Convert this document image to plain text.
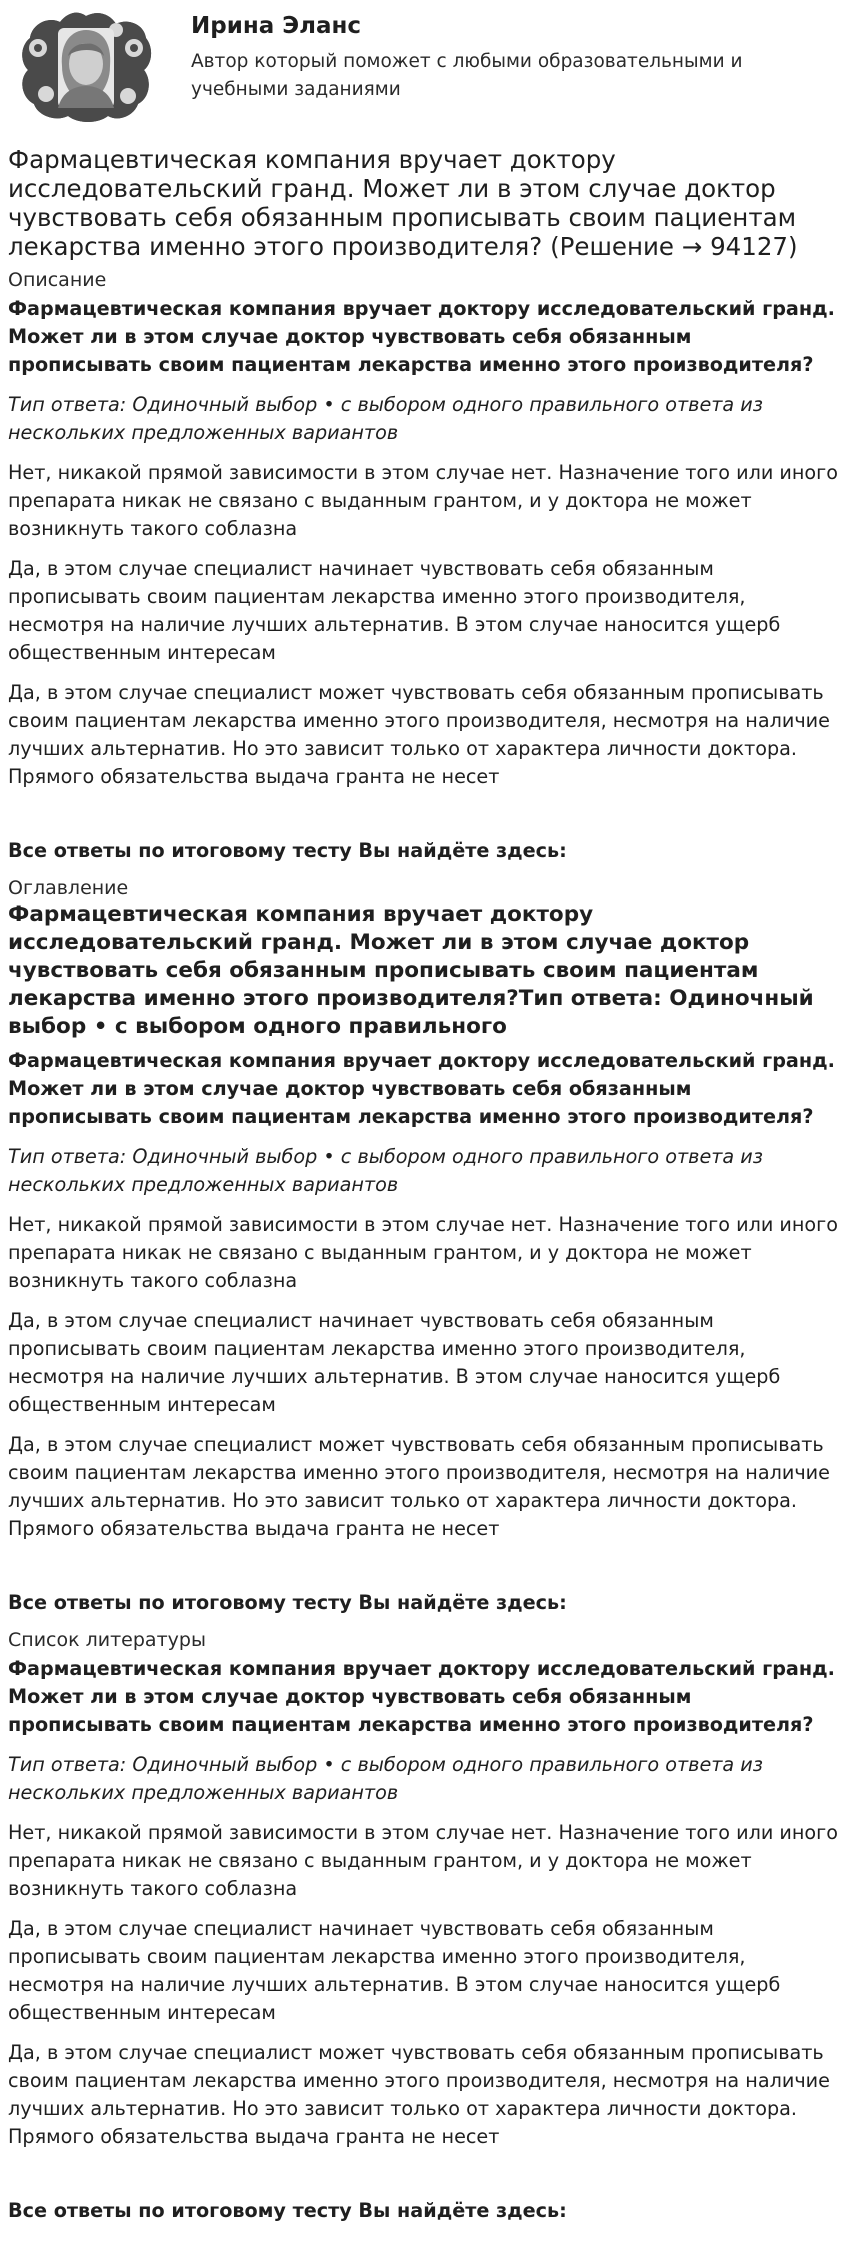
Ирина Эланс
Автор который поможет с любыми образовательными и учебными заданиями
Фармацевтическая компания вручает доктору исследовательский гранд. Может ли в этом случае доктор чувствовать себя обязанным прописывать своим пациентам лекарства именно этого производителя? (Решение → 94127)
Описание
Фармацевтическая компания вручает доктору исследовательский гранд. Может ли в этом случае доктор чувствовать себя обязанным прописывать своим пациентам лекарства именно этого производителя?
Тип ответа: Одиночный выбор • с выбором одного правильного ответа из нескольких предложенных вариантов
Нет, никакой прямой зависимости в этом случае нет. Назначение того или иного препарата никак не связано с выданным грантом, и у доктора не может возникнуть такого соблазна
Да, в этом случае специалист начинает чувствовать себя обязанным прописывать своим пациентам лекарства именно этого производителя, несмотря на наличие лучших альтернатив. В этом случае наносится ущерб общественным интересам
Да, в этом случае специалист может чувствовать себя обязанным прописывать своим пациентам лекарства именно этого производителя, несмотря на наличие лучших альтернатив. Но это зависит только от характера личности доктора. Прямого обязательства выдача гранта не несет
Все ответы по итоговому тесту Вы найдёте здесь:
Оглавление
Фармацевтическая компания вручает доктору исследовательский гранд. Может ли в этом случае доктор чувствовать себя обязанным прописывать своим пациентам лекарства именно этого производителя?Тип ответа: Одиночный выбор • с выбором одного правильного
Фармацевтическая компания вручает доктору исследовательский гранд. Может ли в этом случае доктор чувствовать себя обязанным прописывать своим пациентам лекарства именно этого производителя?
Тип ответа: Одиночный выбор • с выбором одного правильного ответа из нескольких предложенных вариантов
Нет, никакой прямой зависимости в этом случае нет. Назначение того или иного препарата никак не связано с выданным грантом, и у доктора не может возникнуть такого соблазна
Да, в этом случае специалист начинает чувствовать себя обязанным прописывать своим пациентам лекарства именно этого производителя, несмотря на наличие лучших альтернатив. В этом случае наносится ущерб общественным интересам
Да, в этом случае специалист может чувствовать себя обязанным прописывать своим пациентам лекарства именно этого производителя, несмотря на наличие лучших альтернатив. Но это зависит только от характера личности доктора. Прямого обязательства выдача гранта не несет
Все ответы по итоговому тесту Вы найдёте здесь:
Список литературы
Фармацевтическая компания вручает доктору исследовательский гранд. Может ли в этом случае доктор чувствовать себя обязанным прописывать своим пациентам лекарства именно этого производителя?
Тип ответа: Одиночный выбор • с выбором одного правильного ответа из нескольких предложенных вариантов
Нет, никакой прямой зависимости в этом случае нет. Назначение того или иного препарата никак не связано с выданным грантом, и у доктора не может возникнуть такого соблазна
Да, в этом случае специалист начинает чувствовать себя обязанным прописывать своим пациентам лекарства именно этого производителя, несмотря на наличие лучших альтернатив. В этом случае наносится ущерб общественным интересам
Да, в этом случае специалист может чувствовать себя обязанным прописывать своим пациентам лекарства именно этого производителя, несмотря на наличие лучших альтернатив. Но это зависит только от характера личности доктора. Прямого обязательства выдача гранта не несет
Все ответы по итоговому тесту Вы найдёте здесь:
